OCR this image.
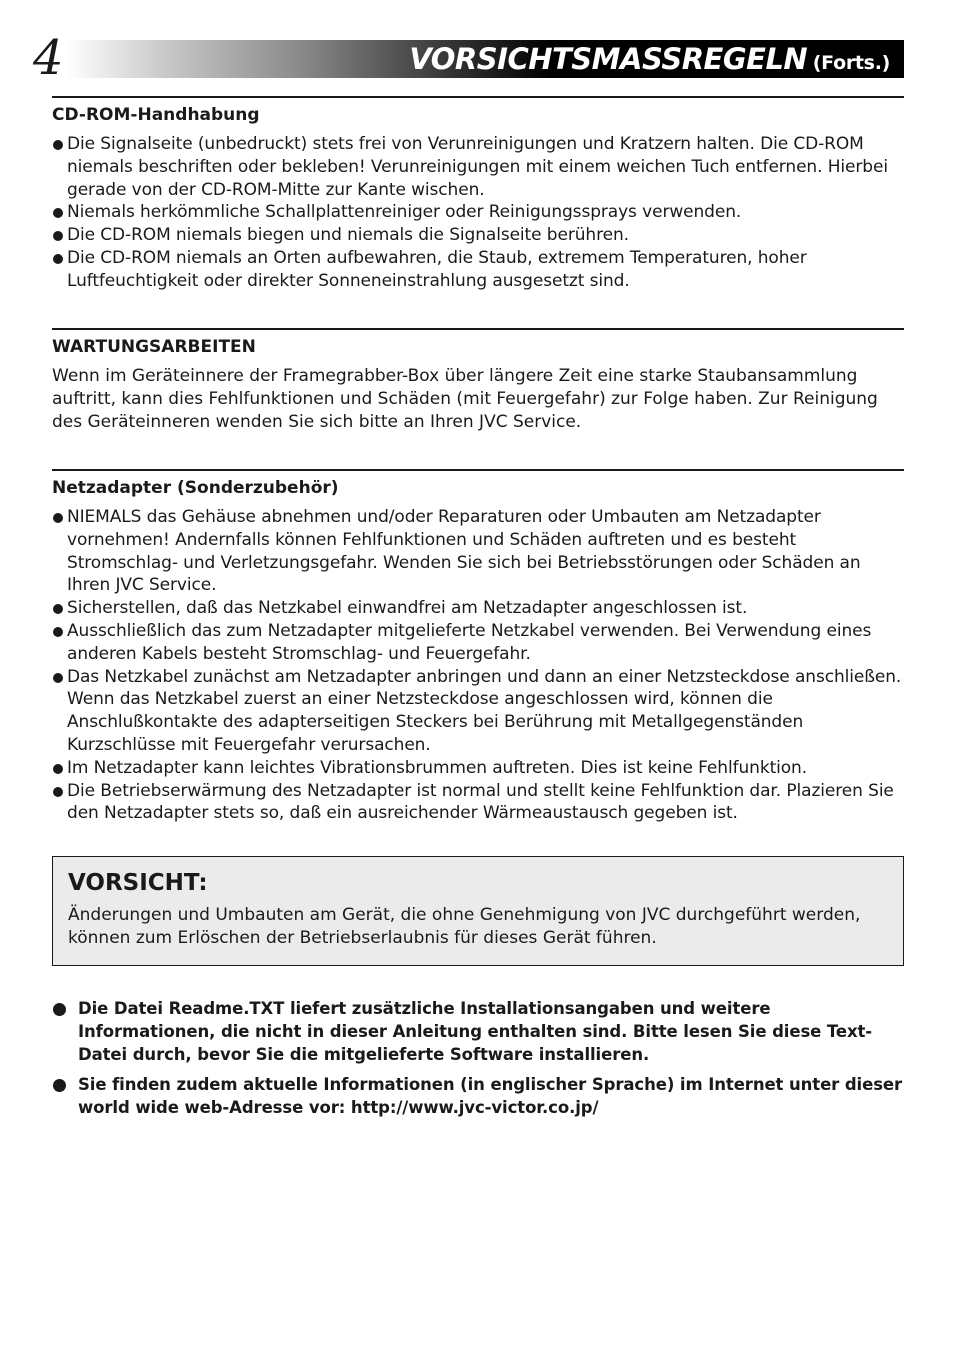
4	VORSICHTSMASSREGELN (Forts.)
CD-ROM-Handhabung
Die Signalseite (unbedruckt) stets frei von Verunreinigungen und Kratzern halten. Die CD-ROM niemals beschriften oder bekleben! Verunreinigungen mit einem weichen Tuch entfernen. Hierbei gerade von der CD-ROM-Mitte zur Kante wischen.
Niemals herkömmliche Schallplattenreiniger oder Reinigungssprays verwenden.
Die CD-ROM niemals biegen und niemals die Signalseite berühren.
Die CD-ROM niemals an Orten aufbewahren, die Staub, extremem Temperaturen, hoher Luftfeuchtigkeit oder direkter Sonneneinstrahlung ausgesetzt sind.
WARTUNGSARBEITEN

Wenn im Geräteinnere der Framegrabber-Box über längere Zeit eine starke Staubansammlung auftritt, kann dies Fehlfunktionen und Schäden (mit Feuergefahr) zur Folge haben. Zur Reinigung des Geräteinneren wenden Sie sich bitte an Ihren JVC Service.

Netzadapter (Sonderzubehör)
NIEMALS das Gehäuse abnehmen und/oder Reparaturen oder Umbauten am Netzadapter vornehmen! Andernfalls können Fehlfunktionen und Schäden auftreten und es besteht Stromschlag- und Verletzungsgefahr. Wenden Sie sich bei Betriebsstörungen oder Schäden an Ihren JVC Service.
Sicherstellen, daß das Netzkabel einwandfrei am Netzadapter angeschlossen ist.
Ausschließlich das zum Netzadapter mitgelieferte Netzkabel verwenden. Bei Verwendung eines anderen Kabels besteht Stromschlag- und Feuergefahr.
Das Netzkabel zunächst am Netzadapter anbringen und dann an einer Netzsteckdose anschließen. Wenn das Netzkabel zuerst an einer Netzsteckdose angeschlossen wird, können die Anschlußkontakte des adapterseitigen Steckers bei Berührung mit Metallgegenständen Kurzschlüsse mit Feuergefahr verursachen.
Im Netzadapter kann leichtes Vibrationsbrummen auftreten. Dies ist keine Fehlfunktion.
Die Betriebserwärmung des Netzadapter ist normal und stellt keine Fehlfunktion dar. Plazieren Sie den Netzadapter stets so, daß ein ausreichender Wärmeaustausch gegeben ist.
VORSICHT:

Änderungen und Umbauten am Gerät, die ohne Genehmigung von JVC durchgeführt werden, können zum Erlöschen der Betriebserlaubnis für dieses Gerät führen.

Die Datei Readme.TXT liefert zusätzliche Installationsangaben und weitere Informationen, die nicht in dieser Anleitung enthalten sind. Bitte lesen Sie diese Text-Datei durch, bevor Sie die mitgelieferte Software installieren.
Sie finden zudem aktuelle Informationen (in englischer Sprache) im Internet unter dieser world wide web-Adresse vor: http://www.jvc-victor.co.jp/
